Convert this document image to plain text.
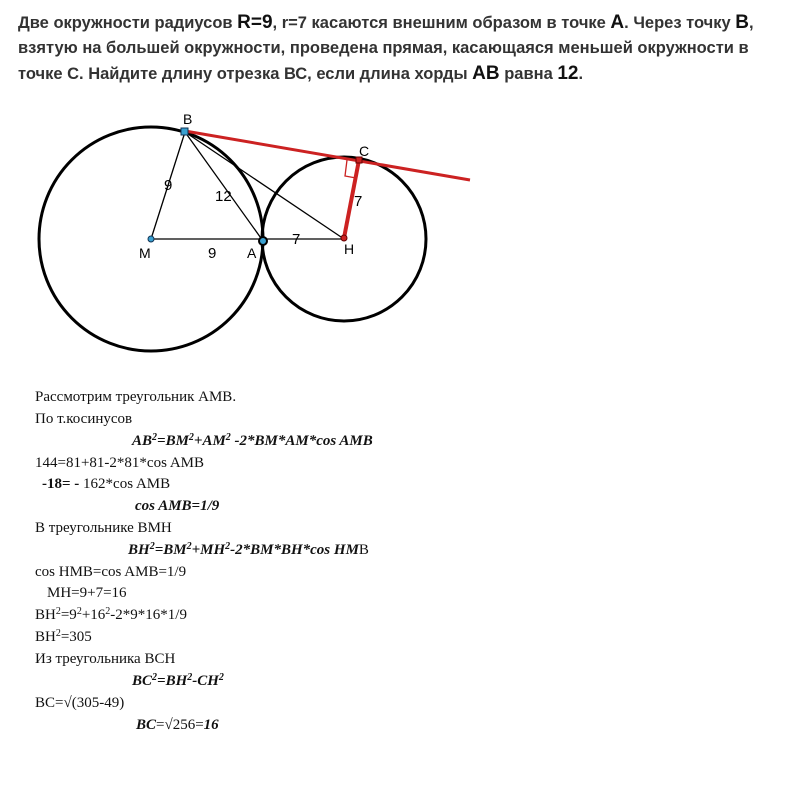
Две окружности радиусов R=9, r=7 касаются внешним образом в точке A. Через точку B, взятую на большей окружности, проведена прямая, касающаяся меньшей окружности в точке С. Найдите длину отрезка ВС, если длина хорды AB равна 12.

B
C
M	A	H
9
12
9
7
7
Рассмотрим треугольник AMB.
По т.косинусов
$AB^2=BM^2+AM^2$ -2*BM*AM*cos AMB
144=81+81-2*81*cos AMB
-18= - 162*cos AMB
cos AMB=1/9
В треугольнике BMH
$BH^2=BM^2+MH^2-2*BM*BH*\cos$ HMB
cos HMB=cos AMB=1/9
MH=9+7=16
$BH^2=9^2+16^2-2*9*16*1/9$
$BH^2=305$
Из треугольника BCH
$BC^2=BH^2-CH^2$
BC=√(305-49)
BC=√256=16
